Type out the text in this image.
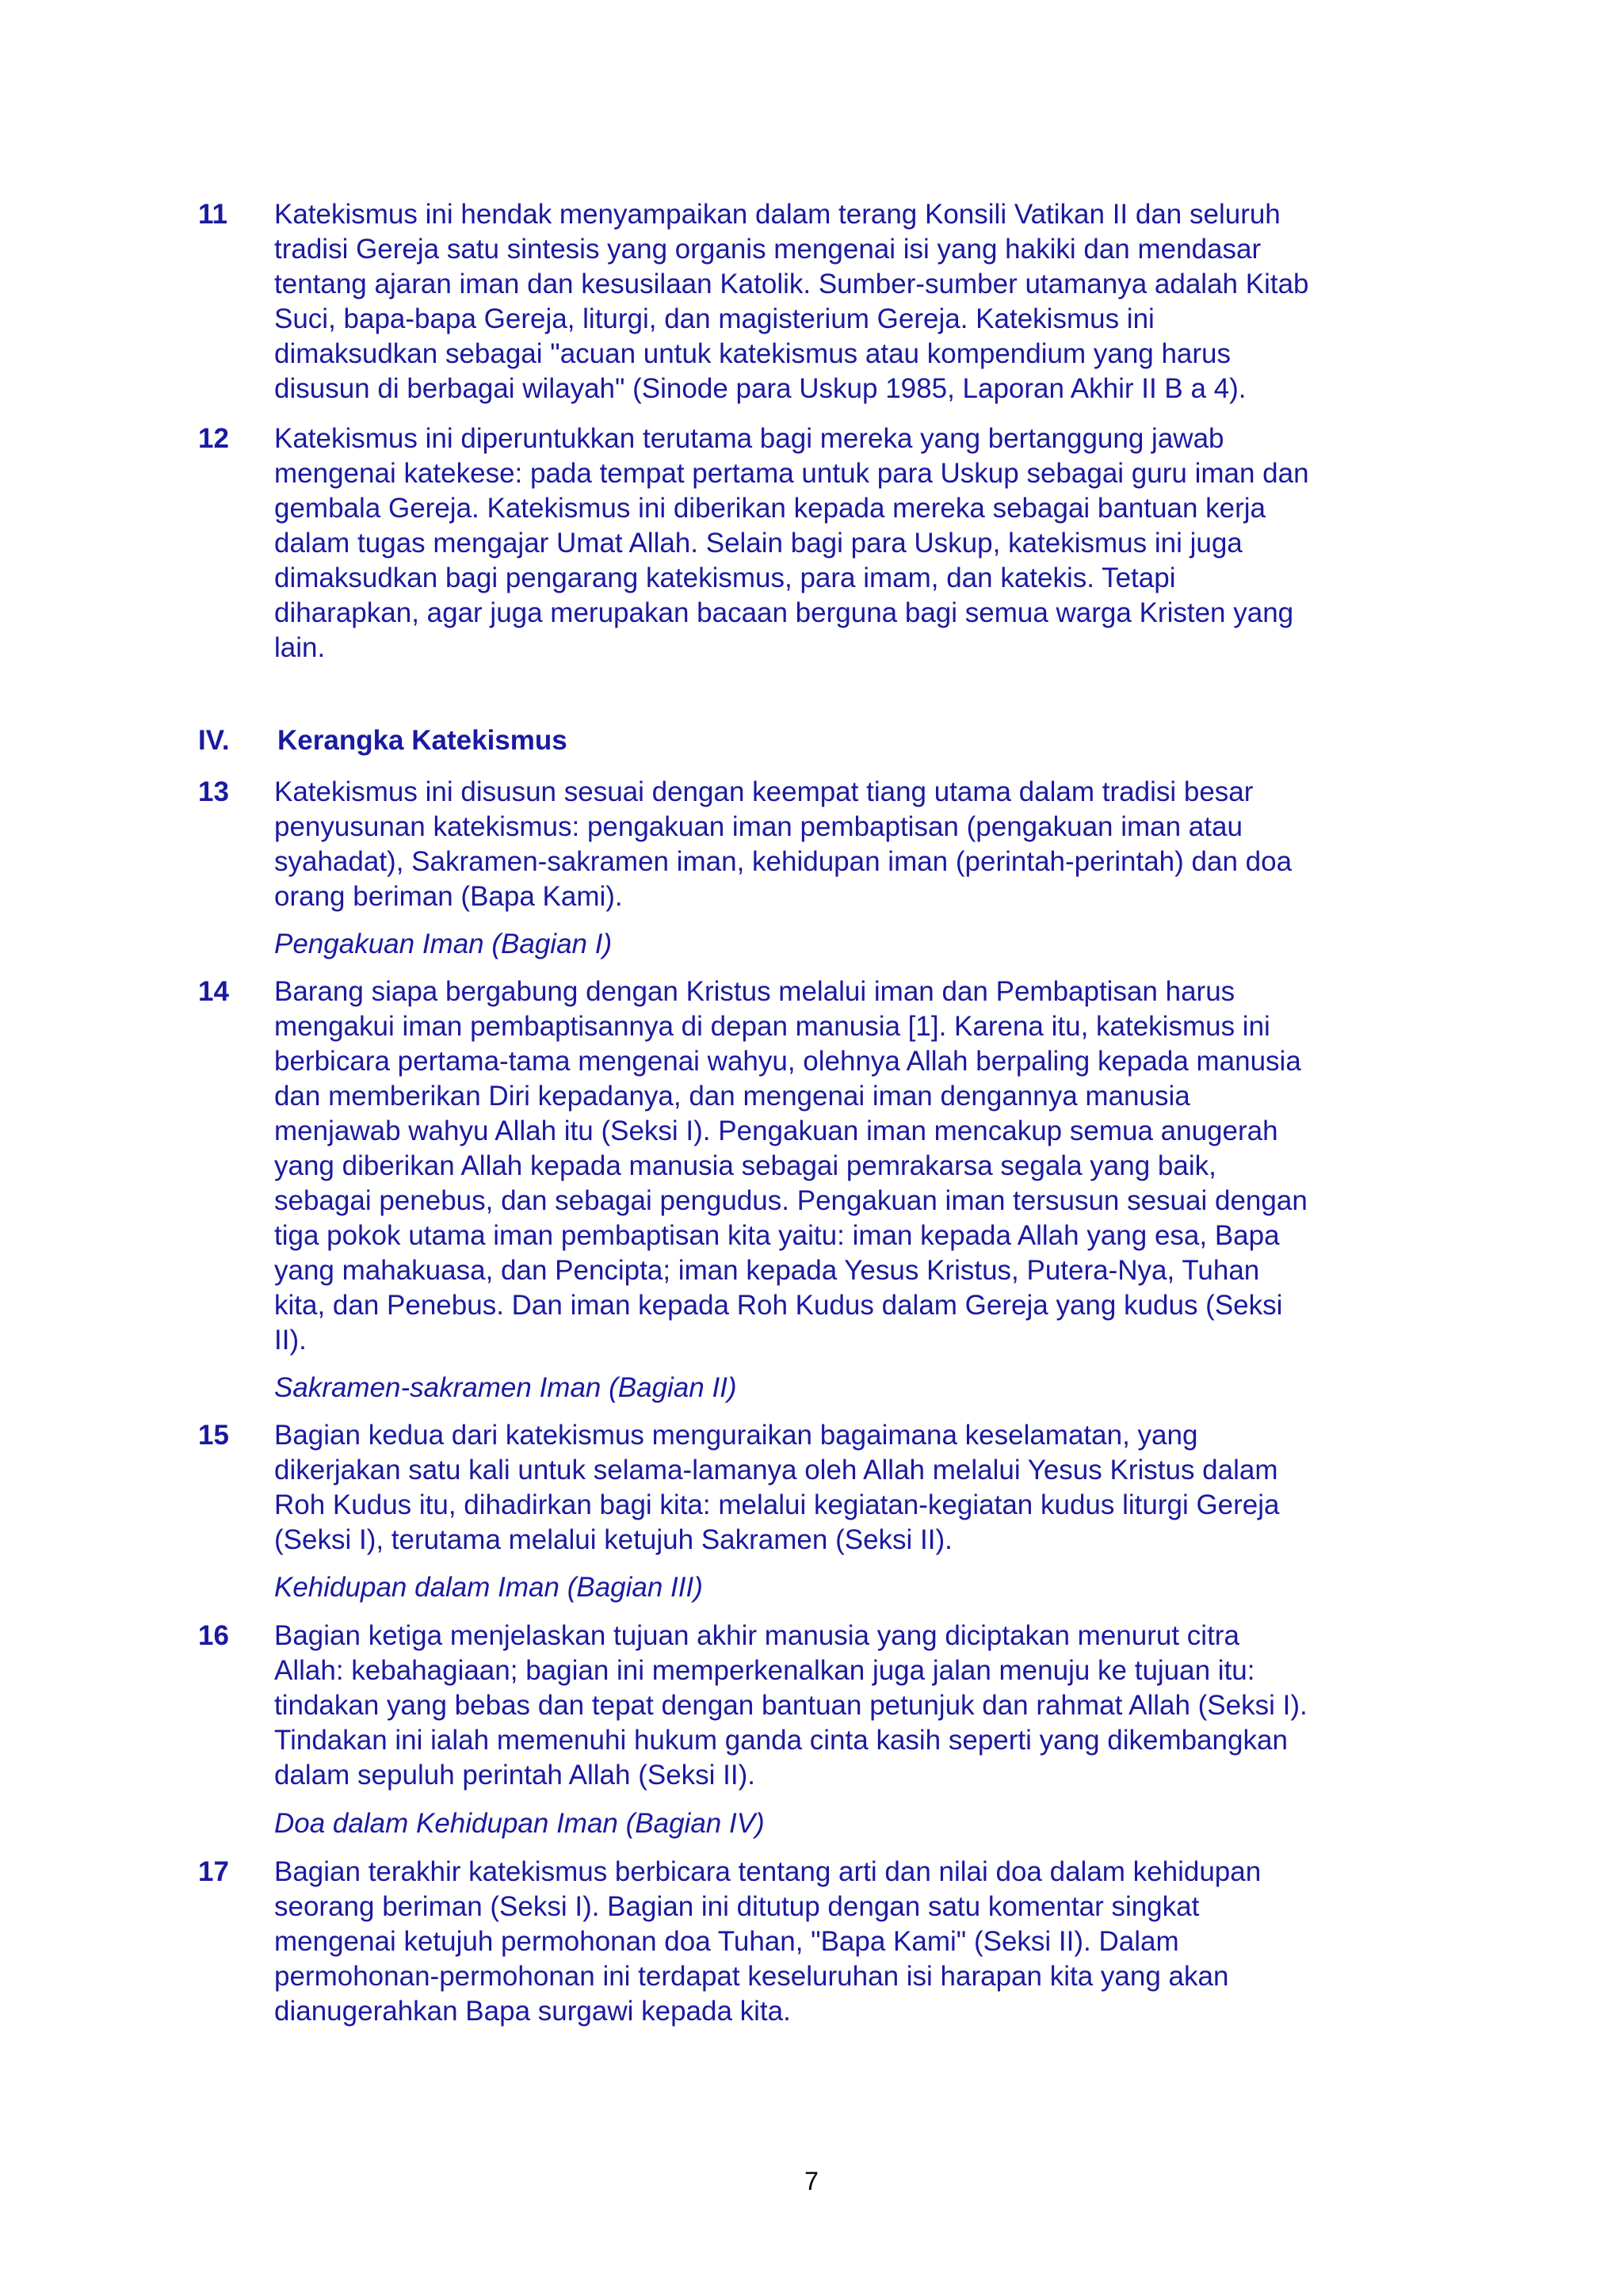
11 Katekismus ini hendak menyampaikan dalam terang Konsili Vatikan II dan seluruh
tradisi Gereja satu sintesis yang organis mengenai isi yang hakiki dan mendasar
tentang ajaran iman dan kesusilaan Katolik. Sumber-sumber utamanya adalah Kitab
Suci, bapa-bapa Gereja, liturgi, dan magisterium Gereja. Katekismus ini
dimaksudkan sebagai "acuan untuk katekismus atau kompendium yang harus
disusun di berbagai wilayah" (Sinode para Uskup 1985, Laporan Akhir II B a 4).
12 Katekismus ini diperuntukkan terutama bagi mereka yang bertanggung jawab
mengenai katekese: pada tempat pertama untuk para Uskup sebagai guru iman dan
gembala Gereja. Katekismus ini diberikan kepada mereka sebagai bantuan kerja
dalam tugas mengajar Umat Allah. Selain bagi para Uskup, katekismus ini juga
dimaksudkan bagi pengarang katekismus, para imam, dan katekis. Tetapi
diharapkan, agar juga merupakan bacaan berguna bagi semua warga Kristen yang
lain.
IV. Kerangka Katekismus
13 Katekismus ini disusun sesuai dengan keempat tiang utama dalam tradisi besar
penyusunan katekismus: pengakuan iman pembaptisan (pengakuan iman atau
syahadat), Sakramen-sakramen iman, kehidupan iman (perintah-perintah) dan doa
orang beriman (Bapa Kami).
Pengakuan Iman (Bagian I)
14 Barang siapa bergabung dengan Kristus melalui iman dan Pembaptisan harus
mengakui iman pembaptisannya di depan manusia [1]. Karena itu, katekismus ini
berbicara pertama-tama mengenai wahyu, olehnya Allah berpaling kepada manusia
dan memberikan Diri kepadanya, dan mengenai iman dengannya manusia
menjawab wahyu Allah itu (Seksi I). Pengakuan iman mencakup semua anugerah
yang diberikan Allah kepada manusia sebagai pemrakarsa segala yang baik,
sebagai penebus, dan sebagai pengudus. Pengakuan iman tersusun sesuai dengan
tiga pokok utama iman pembaptisan kita yaitu: iman kepada Allah yang esa, Bapa
yang mahakuasa, dan Pencipta; iman kepada Yesus Kristus, Putera-Nya, Tuhan
kita, dan Penebus. Dan iman kepada Roh Kudus dalam Gereja yang kudus (Seksi
II).
Sakramen-sakramen Iman (Bagian II)
15 Bagian kedua dari katekismus menguraikan bagaimana keselamatan, yang
dikerjakan satu kali untuk selama-lamanya oleh Allah melalui Yesus Kristus dalam
Roh Kudus itu, dihadirkan bagi kita: melalui kegiatan-kegiatan kudus liturgi Gereja
(Seksi I), terutama melalui ketujuh Sakramen (Seksi II).
Kehidupan dalam Iman (Bagian III)
16 Bagian ketiga menjelaskan tujuan akhir manusia yang diciptakan menurut citra
Allah: kebahagiaan; bagian ini memperkenalkan juga jalan menuju ke tujuan itu:
tindakan yang bebas dan tepat dengan bantuan petunjuk dan rahmat Allah (Seksi I).
Tindakan ini ialah memenuhi hukum ganda cinta kasih seperti yang dikembangkan
dalam sepuluh perintah Allah (Seksi II).
Doa dalam Kehidupan Iman (Bagian IV)
17 Bagian terakhir katekismus berbicara tentang arti dan nilai doa dalam kehidupan
seorang beriman (Seksi I). Bagian ini ditutup dengan satu komentar singkat
mengenai ketujuh permohonan doa Tuhan, "Bapa Kami" (Seksi II). Dalam
permohonan-permohonan ini terdapat keseluruhan isi harapan kita yang akan
dianugerahkan Bapa surgawi kepada kita.
7
